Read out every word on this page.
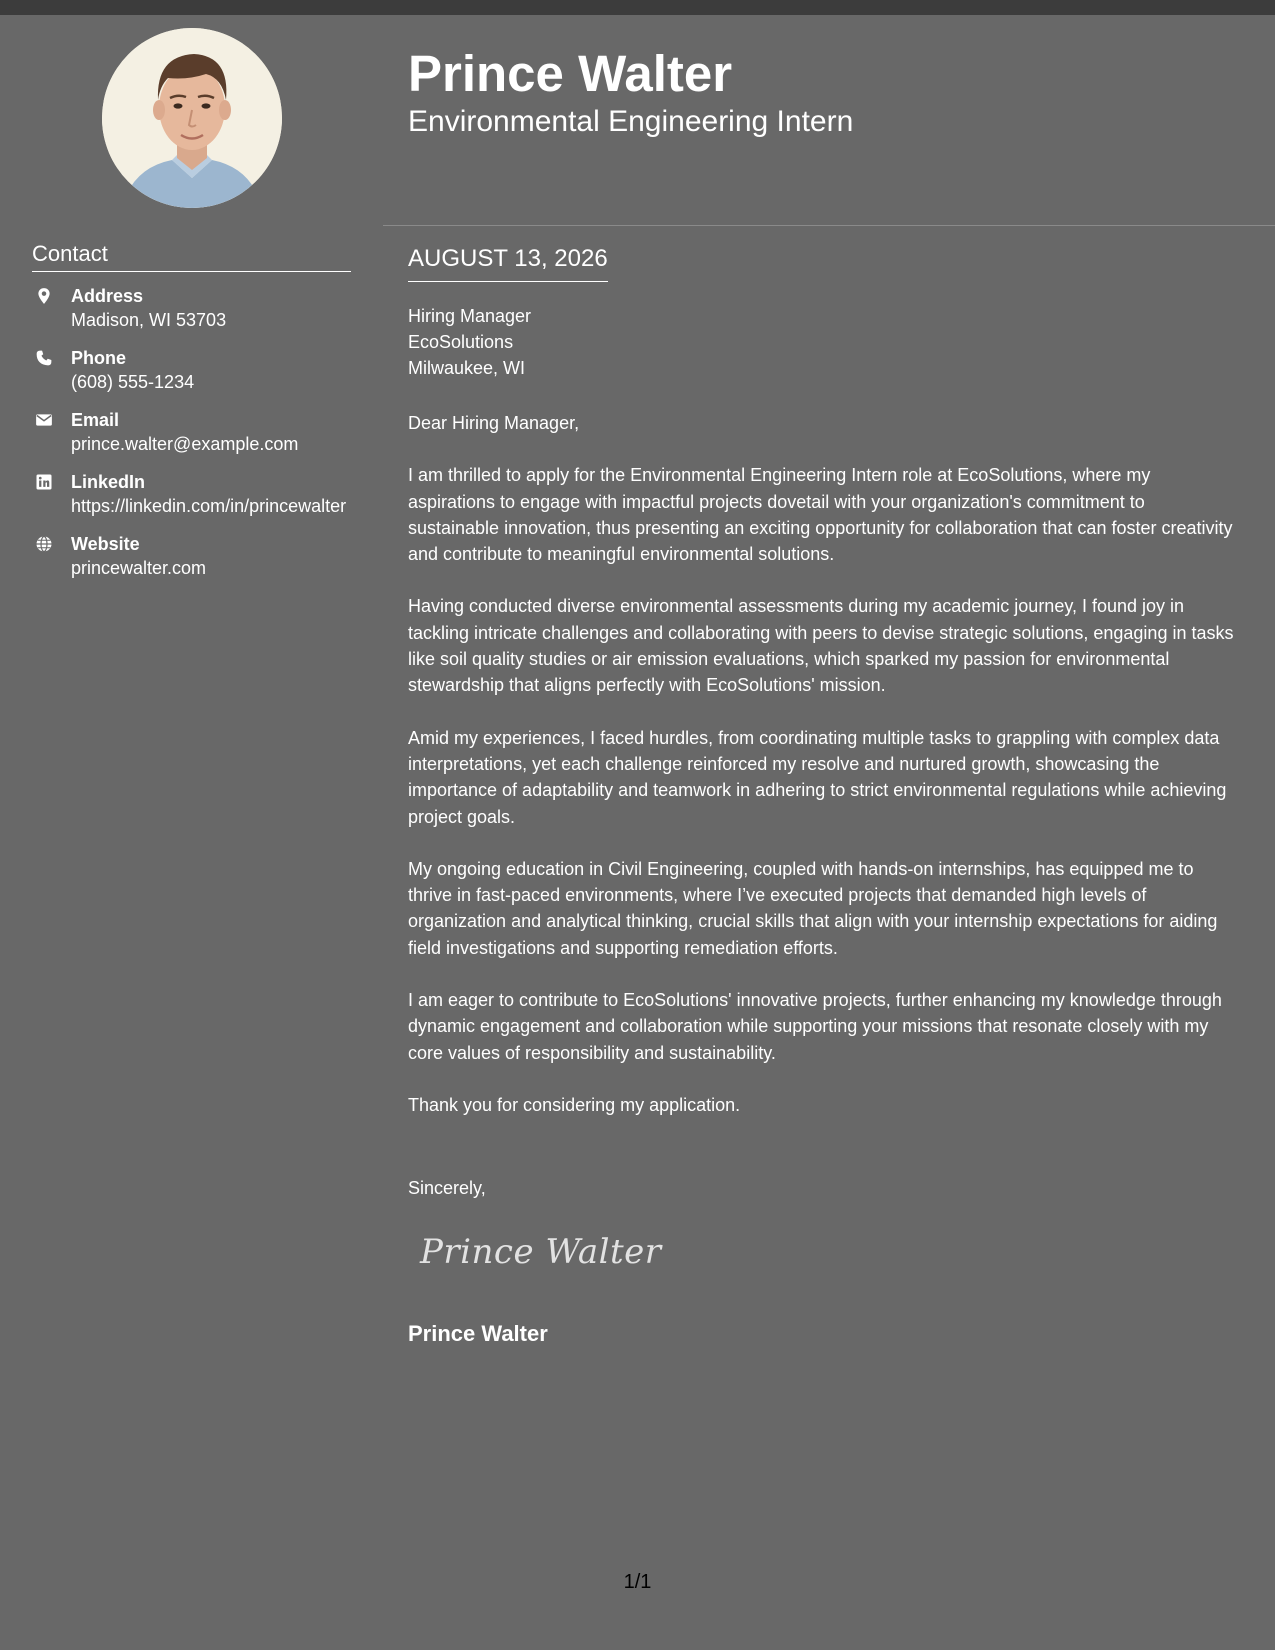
Prince Walter
Environmental Engineering Intern
Contact
Address
Madison, WI 53703
Phone
(608) 555-1234
Email
prince.walter@example.com
LinkedIn
https://linkedin.com/in/princewalter
Website
princewalter.com
AUGUST 13, 2026
Hiring Manager
EcoSolutions
Milwaukee, WI

Dear Hiring Manager,

I am thrilled to apply for the Environmental Engineering Intern role at EcoSolutions, where my aspirations to engage with impactful projects dovetail with your organization's commitment to sustainable innovation, thus presenting an exciting opportunity for collaboration that can foster creativity and contribute to meaningful environmental solutions.

Having conducted diverse environmental assessments during my academic journey, I found joy in tackling intricate challenges and collaborating with peers to devise strategic solutions, engaging in tasks like soil quality studies or air emission evaluations, which sparked my passion for environmental stewardship that aligns perfectly with EcoSolutions' mission.

Amid my experiences, I faced hurdles, from coordinating multiple tasks to grappling with complex data interpretations, yet each challenge reinforced my resolve and nurtured growth, showcasing the importance of adaptability and teamwork in adhering to strict environmental regulations while achieving project goals.

My ongoing education in Civil Engineering, coupled with hands-on internships, has equipped me to thrive in fast-paced environments, where I’ve executed projects that demanded high levels of organization and analytical thinking, crucial skills that align with your internship expectations for aiding field investigations and supporting remediation efforts.

I am eager to contribute to EcoSolutions' innovative projects, further enhancing my knowledge through dynamic engagement and collaboration while supporting your missions that resonate closely with my core values of responsibility and sustainability.

Thank you for considering my application.

Sincerely,
Prince Walter
Prince Walter
1/1
